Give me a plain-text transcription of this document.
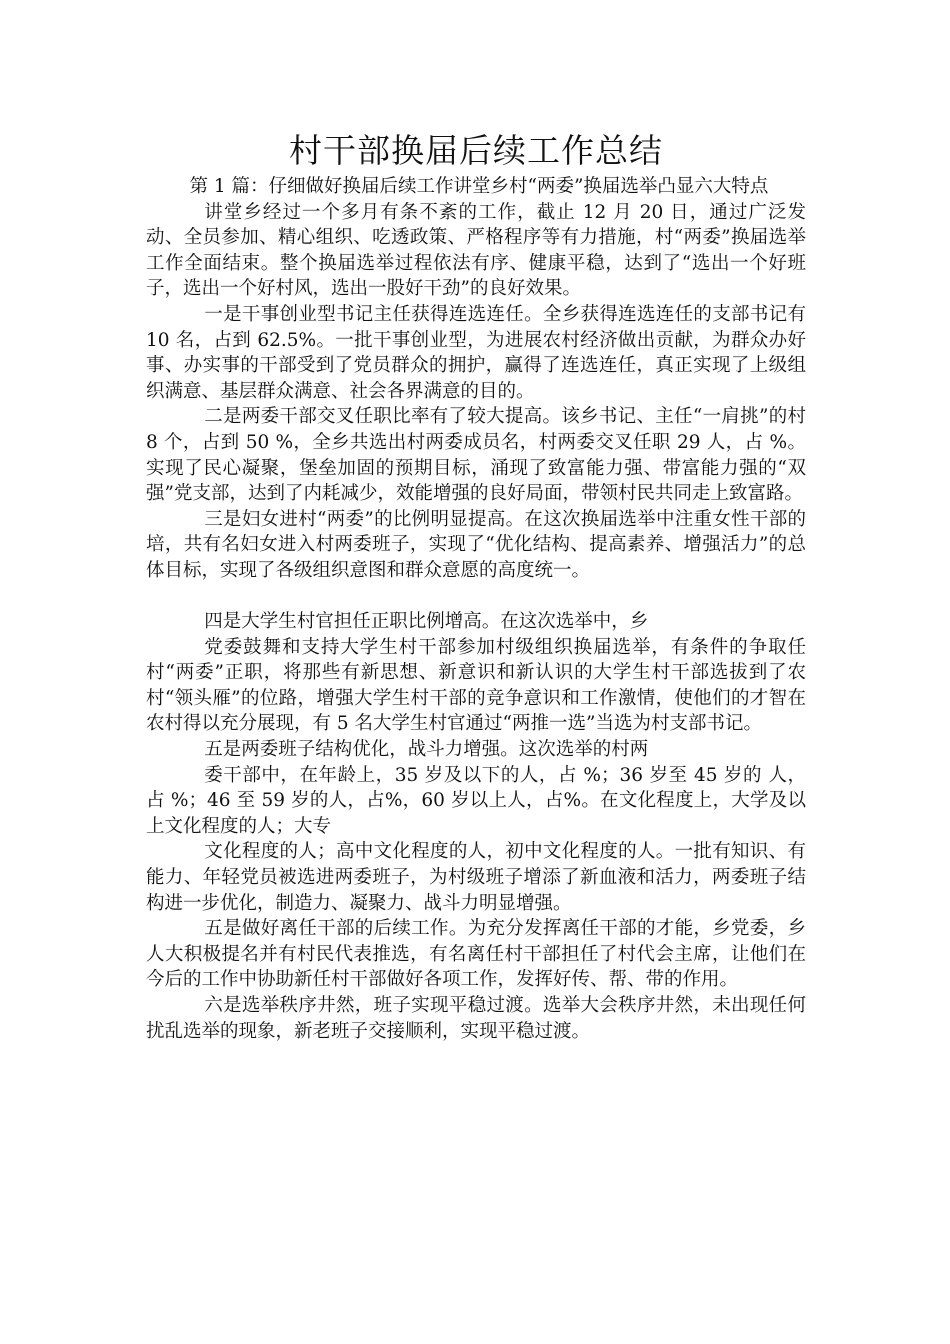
村干部换届后续工作总结

第 1 篇：仔细做好换届后续工作讲堂乡村“两委”换届选举凸显六大特点

讲堂乡经过一个多月有条不紊的工作，截止 12 月 20 日，通过广泛发动、全员参加、精心组织、吃透政策、严格程序等有力措施，村“两委”换届选举工作全面结束。整个换届选举过程依法有序、健康平稳，达到了“选出一个好班子，选出一个好村风，选出一股好干劲”的良好效果。

一是干事创业型书记主任获得连选连任。全乡获得连选连任的支部书记有 10 名，占到 62.5%。一批干事创业型，为进展农村经济做出贡献，为群众办好事、办实事的干部受到了党员群众的拥护，赢得了连选连任，真正实现了上级组织满意、基层群众满意、社会各界满意的目的。

二是两委干部交叉任职比率有了较大提高。该乡书记、主任“一肩挑”的村 8 个，占到 50 %，全乡共选出村两委成员名，村两委交叉任职 29 人，占 %。实现了民心凝聚，堡垒加固的预期目标，涌现了致富能力强、带富能力强的“双强”党支部，达到了内耗减少，效能增强的良好局面，带领村民共同走上致富路。

三是妇女进村“两委”的比例明显提高。在这次换届选举中注重女性干部的培，共有名妇女进入村两委班子，实现了“优化结构、提高素养、增强活力”的总体目标，实现了各级组织意图和群众意愿的高度统一。

四是大学生村官担任正职比例增高。在这次选举中，乡

党委鼓舞和支持大学生村干部参加村级组织换届选举，有条件的争取任村“两委”正职，将那些有新思想、新意识和新认识的大学生村干部选拔到了农村“领头雁”的位路，增强大学生村干部的竞争意识和工作激情，使他们的才智在农村得以充分展现，有 5 名大学生村官通过“两推一选”当选为村支部书记。

五是两委班子结构优化，战斗力增强。这次选举的村两

委干部中，在年龄上，35 岁及以下的人，占 %；36 岁至 45 岁的 人，占 %；46 至 59 岁的人，占%，60 岁以上人，占%。在文化程度上，大学及以上文化程度的人；大专

文化程度的人；高中文化程度的人，初中文化程度的人。一批有知识、有能力、年轻党员被选进两委班子，为村级班子增添了新血液和活力，两委班子结构进一步优化，制造力、凝聚力、战斗力明显增强。

五是做好离任干部的后续工作。为充分发挥离任干部的才能，乡党委，乡人大积极提名并有村民代表推选，有名离任村干部担任了村代会主席，让他们在今后的工作中协助新任村干部做好各项工作，发挥好传、帮、带的作用。

六是选举秩序井然，班子实现平稳过渡。选举大会秩序井然，未出现任何扰乱选举的现象，新老班子交接顺利，实现平稳过渡。
